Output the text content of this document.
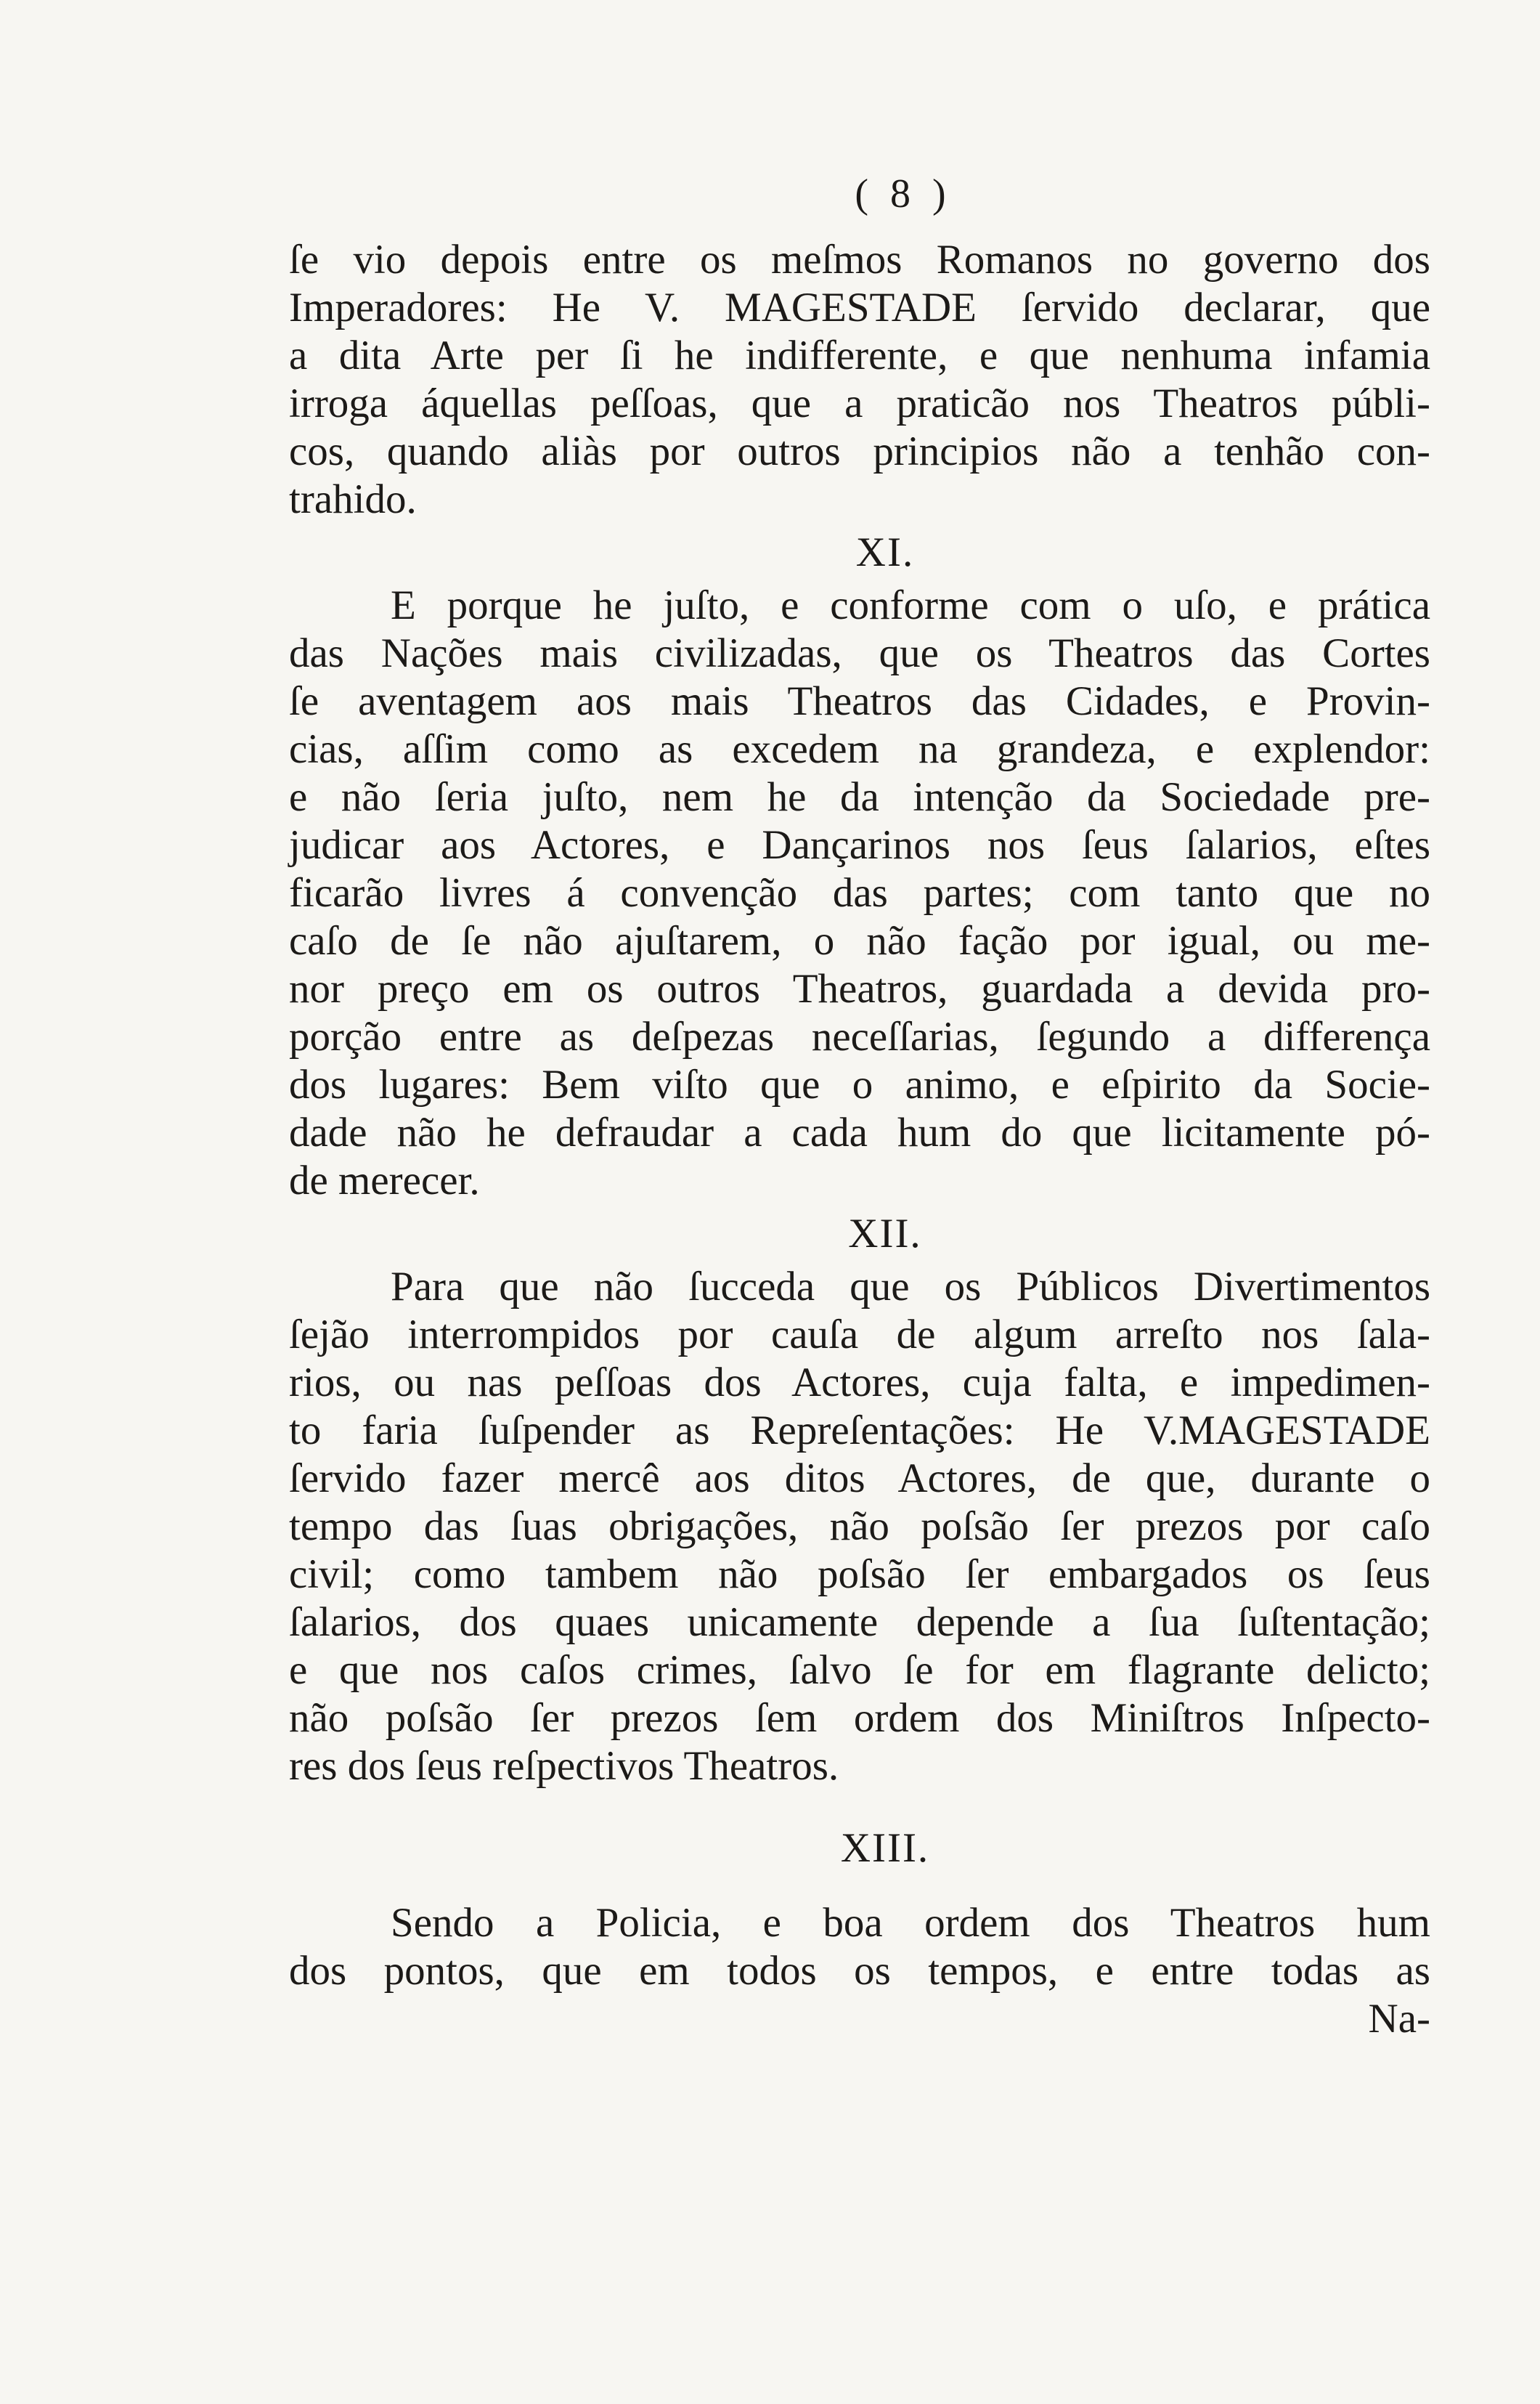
( 8 )
ſe vio depois entre os meſmos Romanos no governo dos
Imperadores: He V. MAGESTADE ſervido declarar, que
a dita Arte per ſi he indifferente, e que nenhuma infamia
irroga áquellas peſſoas, que a praticão nos Theatros públi-
cos, quando aliàs por outros principios não a tenhão con-
trahido.
XI.
E porque he juſto, e conforme com o uſo, e prática
das Nações mais civilizadas, que os Theatros das Cortes
ſe aventagem aos mais Theatros das Cidades, e Provin-
cias, aſſim como as excedem na grandeza, e explendor:
e não ſeria juſto, nem he da intenção da Sociedade pre-
judicar aos Actores, e Dançarinos nos ſeus ſalarios, eſtes
ficarão livres á convenção das partes; com tanto que no
caſo de ſe não ajuſtarem, o não fação por igual, ou me-
nor preço em os outros Theatros, guardada a devida pro-
porção entre as deſpezas neceſſarias, ſegundo a differença
dos lugares: Bem viſto que o animo, e eſpirito da Socie-
dade não he defraudar a cada hum do que licitamente pó-
de merecer.
XII.
Para que não ſucceda que os Públicos Divertimentos
ſejão interrompidos por cauſa de algum arreſto nos ſala-
rios, ou nas peſſoas dos Actores, cuja falta, e impedimen-
to faria ſuſpender as Repreſentações: He V.MAGESTADE
ſervido fazer mercê aos ditos Actores, de que, durante o
tempo das ſuas obrigações, não poſsão ſer prezos por caſo
civil; como tambem não poſsão ſer embargados os ſeus
ſalarios, dos quaes unicamente depende a ſua ſuſtentação;
e que nos caſos crimes, ſalvo ſe for em flagrante delicto;
não poſsão ſer prezos ſem ordem dos Miniſtros Inſpecto-
res dos ſeus reſpectivos Theatros.
XIII.
Sendo a Policia, e boa ordem dos Theatros hum
dos pontos, que em todos os tempos, e entre todas as
Na-
